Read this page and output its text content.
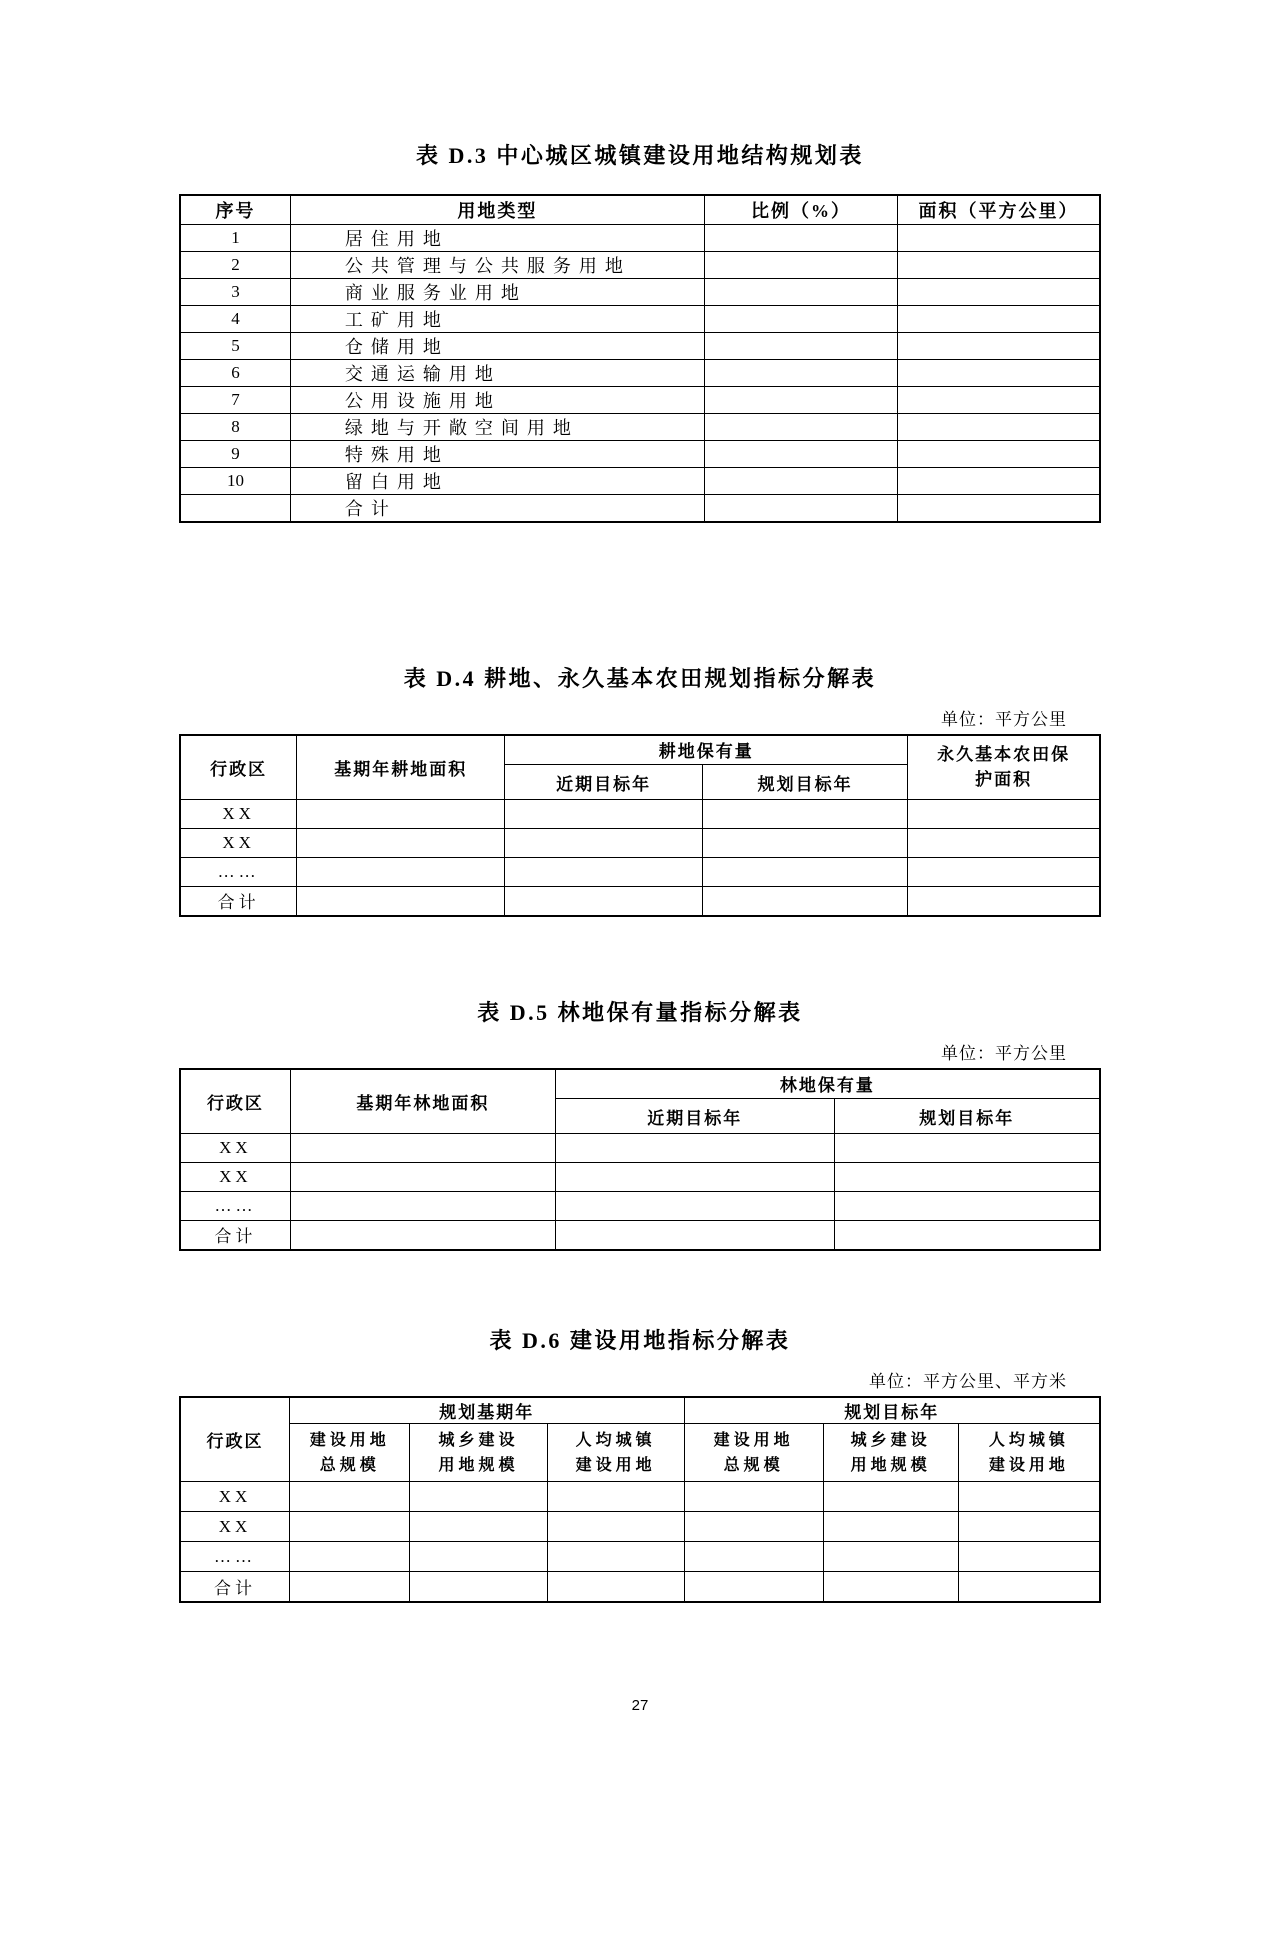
表 D.3 中心城区城镇建设用地结构规划表
序号	用地类型	比例（%）	面积（平方公里）
1	居住用地		
2	公共管理与公共服务用地		
3	商业服务业用地		
4	工矿用地		
5	仓储用地		
6	交通运输用地		
7	公用设施用地		
8	绿地与开敞空间用地		
9	特殊用地		
10	留白用地		
	合计		
表 D.4 耕地、永久基本农田规划指标分解表
单位：平方公里
行政区	基期年耕地面积	耕地保有量		永久基本农田保护面积
		近期目标年	规划目标年	
XX				
XX				
……				
合计				
表 D.5 林地保有量指标分解表
单位：平方公里
行政区	基期年林地面积	林地保有量	
		近期目标年	规划目标年
XX			
XX			
……			
合计			
表 D.6 建设用地指标分解表
单位：平方公里、平方米
行政区	规划基期年			规划目标年		
	建设用地总规模	城乡建设用地规模	人均城镇建设用地	建设用地总规模	城乡建设用地规模	人均城镇建设用地
XX						
XX						
……						
合计						
27
